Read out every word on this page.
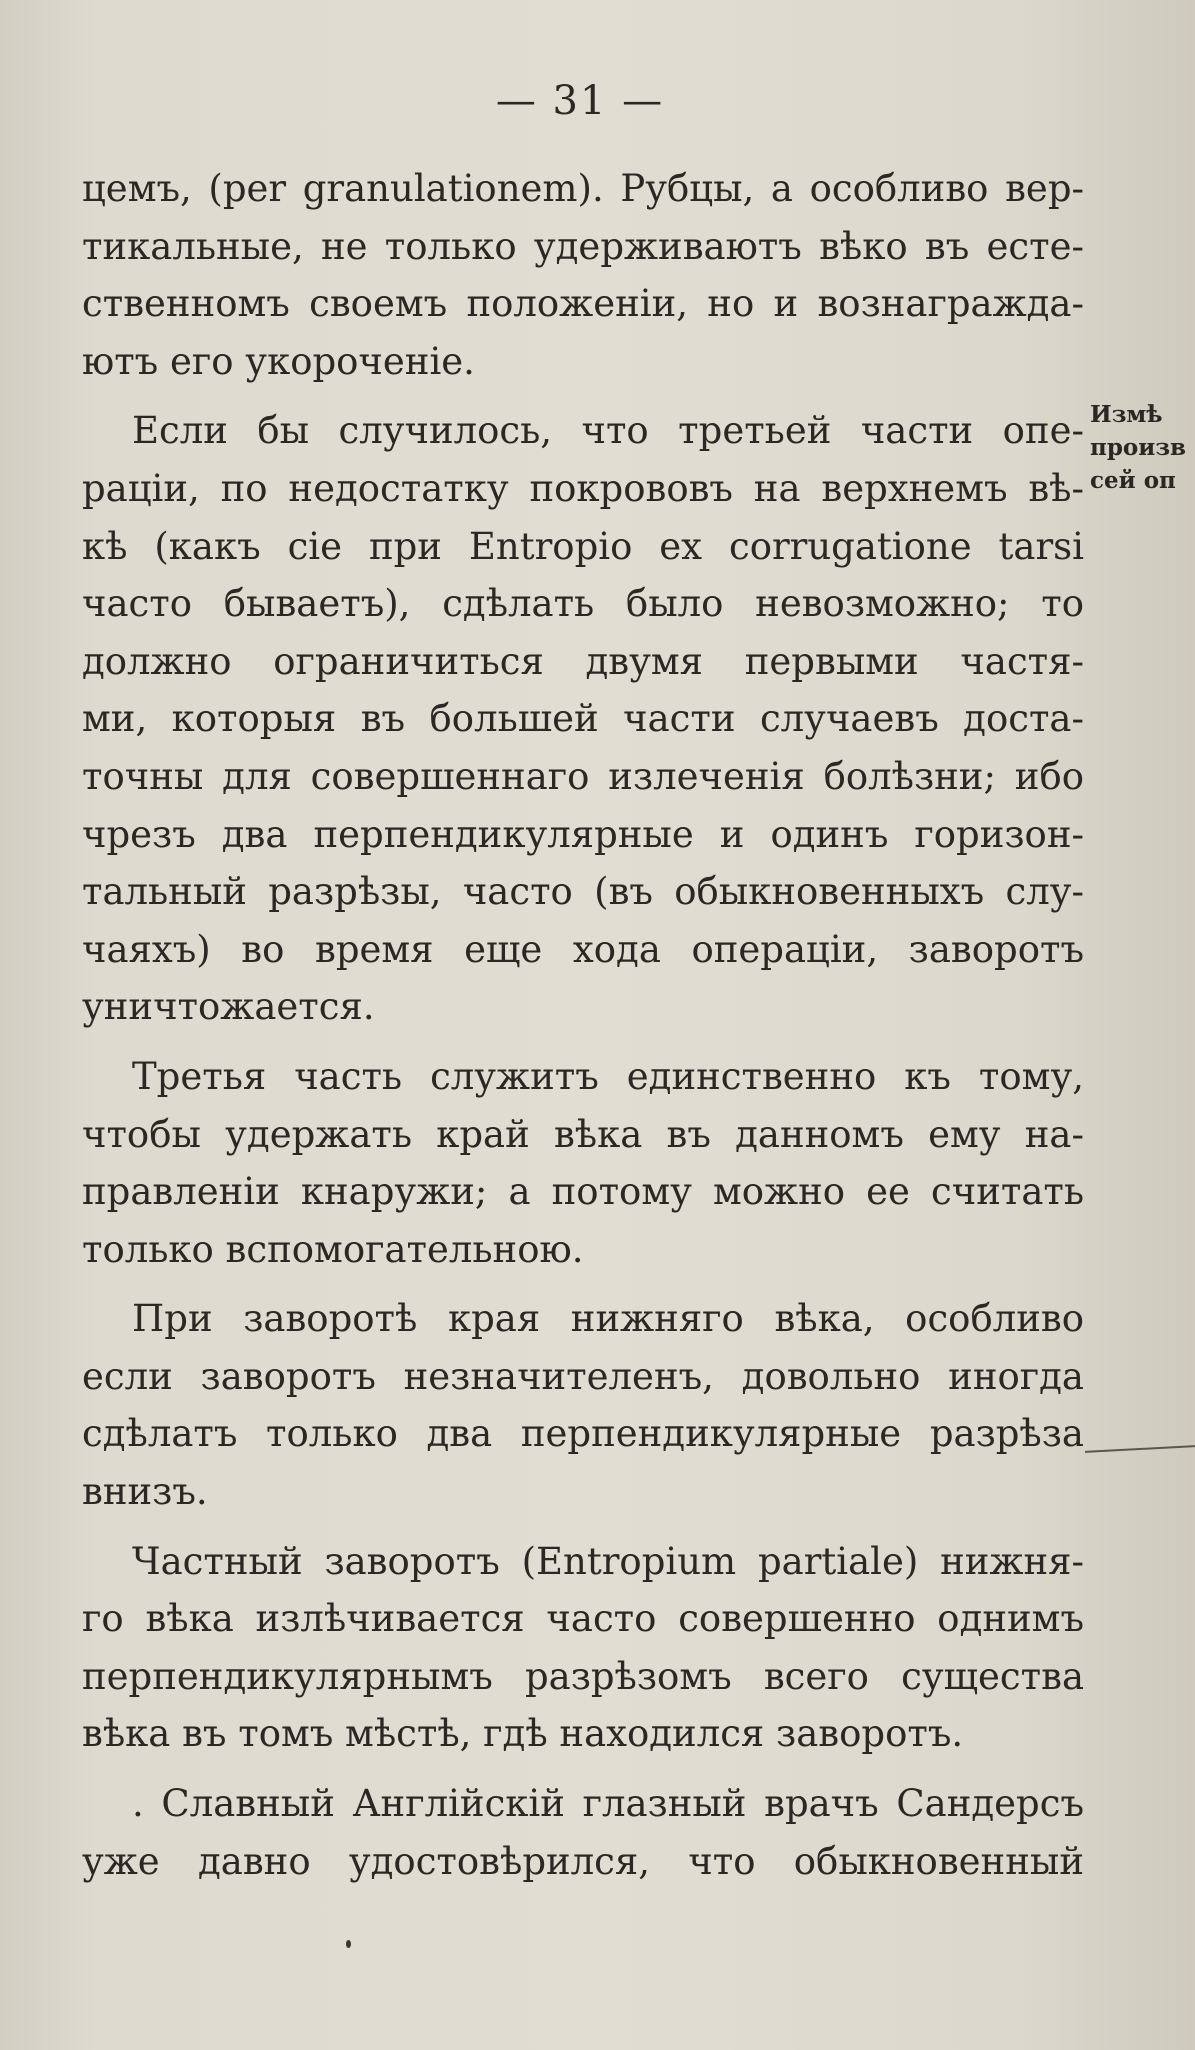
— 31 —
цемъ, (per granulationem). Рубцы, а особливо вер-
тикальные, не только удерживаютъ вѣко въ есте-
ственномъ своемъ положенiи, но и вознагражда-
ютъ его укороченie.
Если бы случилось, что третьей части опе-
рацiи, по недостатку покрововъ на верхнемъ вѣ-
кѣ (какъ сie при Entropio ex corrugatione tarsi
часто бываетъ), сдѣлать было невозможно; то
должно ограничиться двумя первыми частя-
ми, которыя въ большей части случаевъ доста-
точны для совершеннаго излеченiя болѣзни; ибо
чрезъ два перпендикулярные и одинъ горизон-
тальный разрѣзы, часто (въ обыкновенныхъ слу-
чаяхъ) во время еще хода операцiи, заворотъ
уничтожается.
Третья часть служитъ единственно къ тому,
чтобы удержать край вѣка въ данномъ ему на-
правленiи кнаружи; а потому можно ее считать
только вспомогательною.
При заворотѣ края нижняго вѣка, особливо
если заворотъ незначителенъ, довольно иногда
сдѣлатъ только два перпендикулярные разрѣза
внизъ.
Частный заворотъ (Entropium partiale) нижня-
го вѣка излѣчивается часто совершенно однимъ
перпендикулярнымъ разрѣзомъ всего существа
вѣка въ томъ мѣстѣ, гдѣ находился заворотъ.
. Славный Англiйскiй глазный врачъ Сандерсъ
уже давно удостовѣрился, что обыкновенный
Измѣ
произв
сей оп
